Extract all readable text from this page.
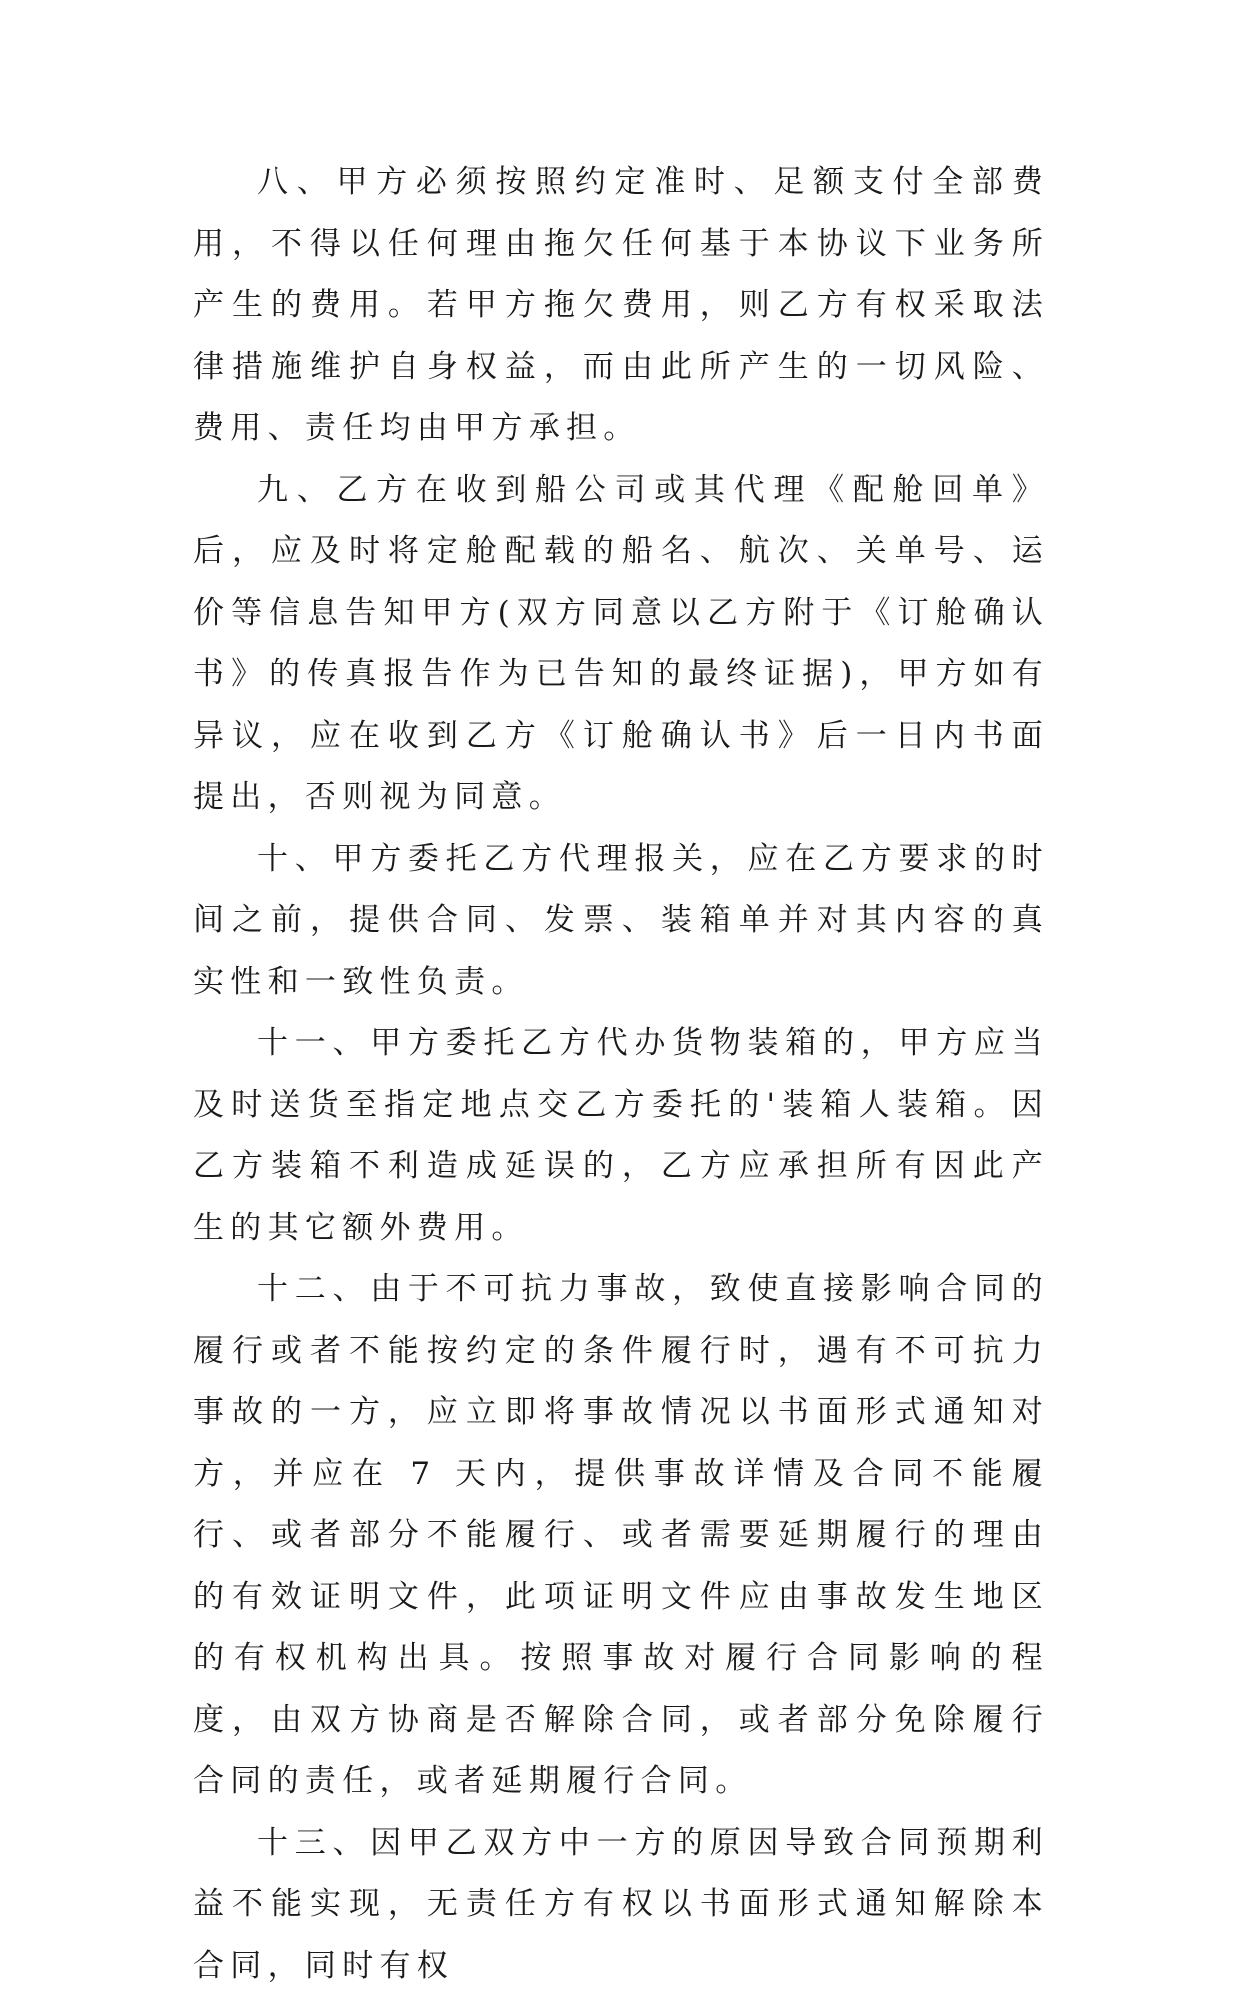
八、甲方必须按照约定准时、足额支付全部费用，不得以任何理由拖欠任何基于本协议下业务所产生的费用。若甲方拖欠费用，则乙方有权采取法律措施维护自身权益，而由此所产生的一切风险、费用、责任均由甲方承担。

九、乙方在收到船公司或其代理《配舱回单》后，应及时将定舱配载的船名、航次、关单号、运价等信息告知甲方(双方同意以乙方附于《订舱确认书》的传真报告作为已告知的最终证据)，甲方如有异议，应在收到乙方《订舱确认书》后一日内书面提出，否则视为同意。

十、甲方委托乙方代理报关，应在乙方要求的时间之前，提供合同、发票、装箱单并对其内容的真实性和一致性负责。

十一、甲方委托乙方代办货物装箱的，甲方应当及时送货至指定地点交乙方委托的'装箱人装箱。因乙方装箱不利造成延误的，乙方应承担所有因此产生的其它额外费用。

十二、由于不可抗力事故，致使直接影响合同的履行或者不能按约定的条件履行时，遇有不可抗力事故的一方，应立即将事故情况以书面形式通知对方，并应在 7 天内，提供事故详情及合同不能履行、或者部分不能履行、或者需要延期履行的理由的有效证明文件，此项证明文件应由事故发生地区的有权机构出具。按照事故对履行合同影响的程度，由双方协商是否解除合同，或者部分免除履行合同的责任，或者延期履行合同。

十三、因甲乙双方中一方的原因导致合同预期利益不能实现，无责任方有权以书面形式通知解除本合同，同时有权
